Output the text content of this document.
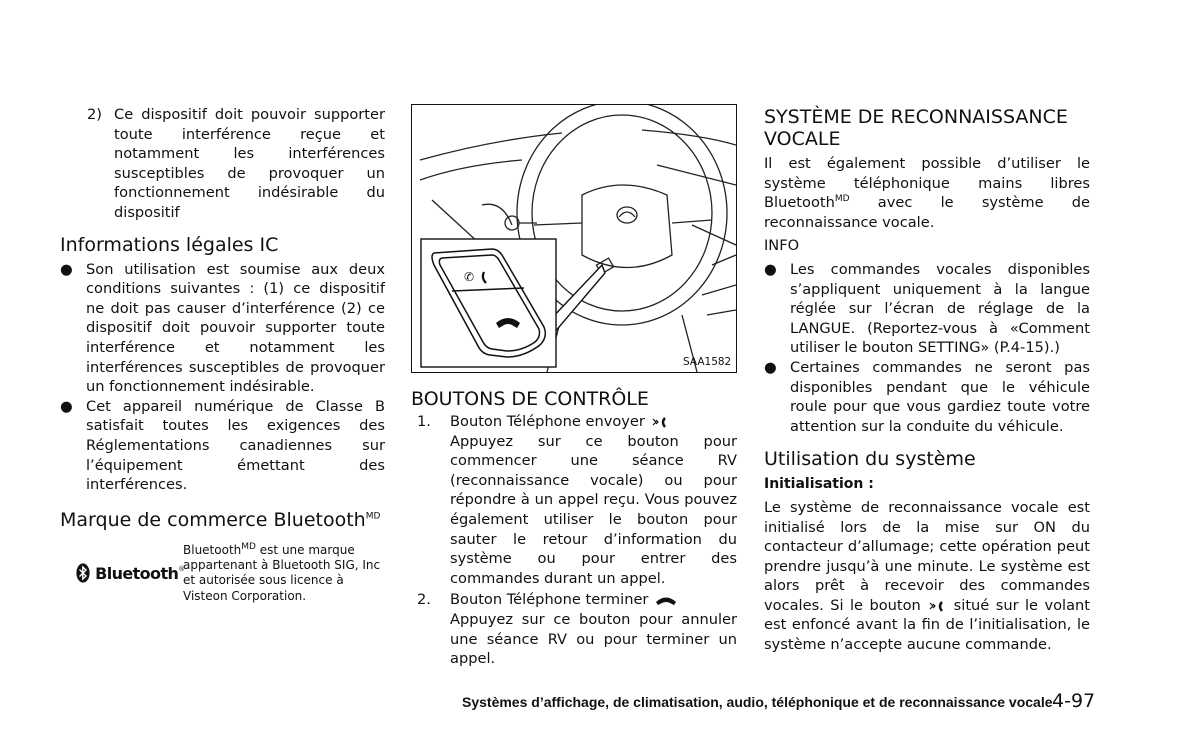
2) Ce dispositif doit pouvoir supporter toute interférence reçue et notamment les interférences susceptibles de provoquer un fonctionnement indésirable du dispositif
Informations légales IC
● Son utilisation est soumise aux deux conditions suivantes : (1) ce dispositif ne doit pas causer d’interférence (2) ce dispositif doit pouvoir supporter toute interférence et notamment les interférences susceptibles de provoquer un fonctionnement indésirable.
● Cet appareil numérique de Classe B satisfait toutes les exigences des Réglementations canadiennes sur l’équipement émettant des interférences.
Marque de commerce Bluetooth$^{MD}$
Bluetooth®

Bluetooth$^{MD}$ est une marque appartenant à Bluetooth SIG, Inc et autorisée sous licence à Visteon Corporation.

✆
SAA1582
BOUTONS DE CONTRÔLE
1. Bouton Téléphone envoyer
Appuyez sur ce bouton pour commencer une séance RV (reconnaissance vocale) ou pour répondre à un appel reçu. Vous pouvez également utiliser le bouton pour sauter le retour d’information du système ou pour entrer des commandes durant un appel.
2. Bouton Téléphone terminer
Appuyez sur ce bouton pour annuler une séance RV ou pour terminer un appel.
SYSTÈME DE RECONNAISSANCE VOCALE

Il est également possible d’utiliser le système téléphonique mains libres Bluetooth$^{MD}$ avec le système de reconnaissance vocale.

INFO

● Les commandes vocales disponibles s’appliquent uniquement à la langue réglée sur l’écran de réglage de la LANGUE. (Reportez-vous à «Comment utiliser le bouton SETTING» (P.4-15).)
● Certaines commandes ne seront pas disponibles pendant que le véhicule roule pour que vous gardiez toute votre attention sur la conduite du véhicule.
Utilisation du système

Initialisation :

Le système de reconnaissance vocale est initialisé lors de la mise sur ON du contacteur d’allumage; cette opération peut prendre jusqu’à une minute. Le système est alors prêt à recevoir des commandes vocales. Si le bouton situé sur le volant est enfoncé avant la fin de l’initialisation, le système n’accepte aucune commande.

Systèmes d’affichage, de climatisation, audio, téléphonique et de reconnaissance vocale 4-97
